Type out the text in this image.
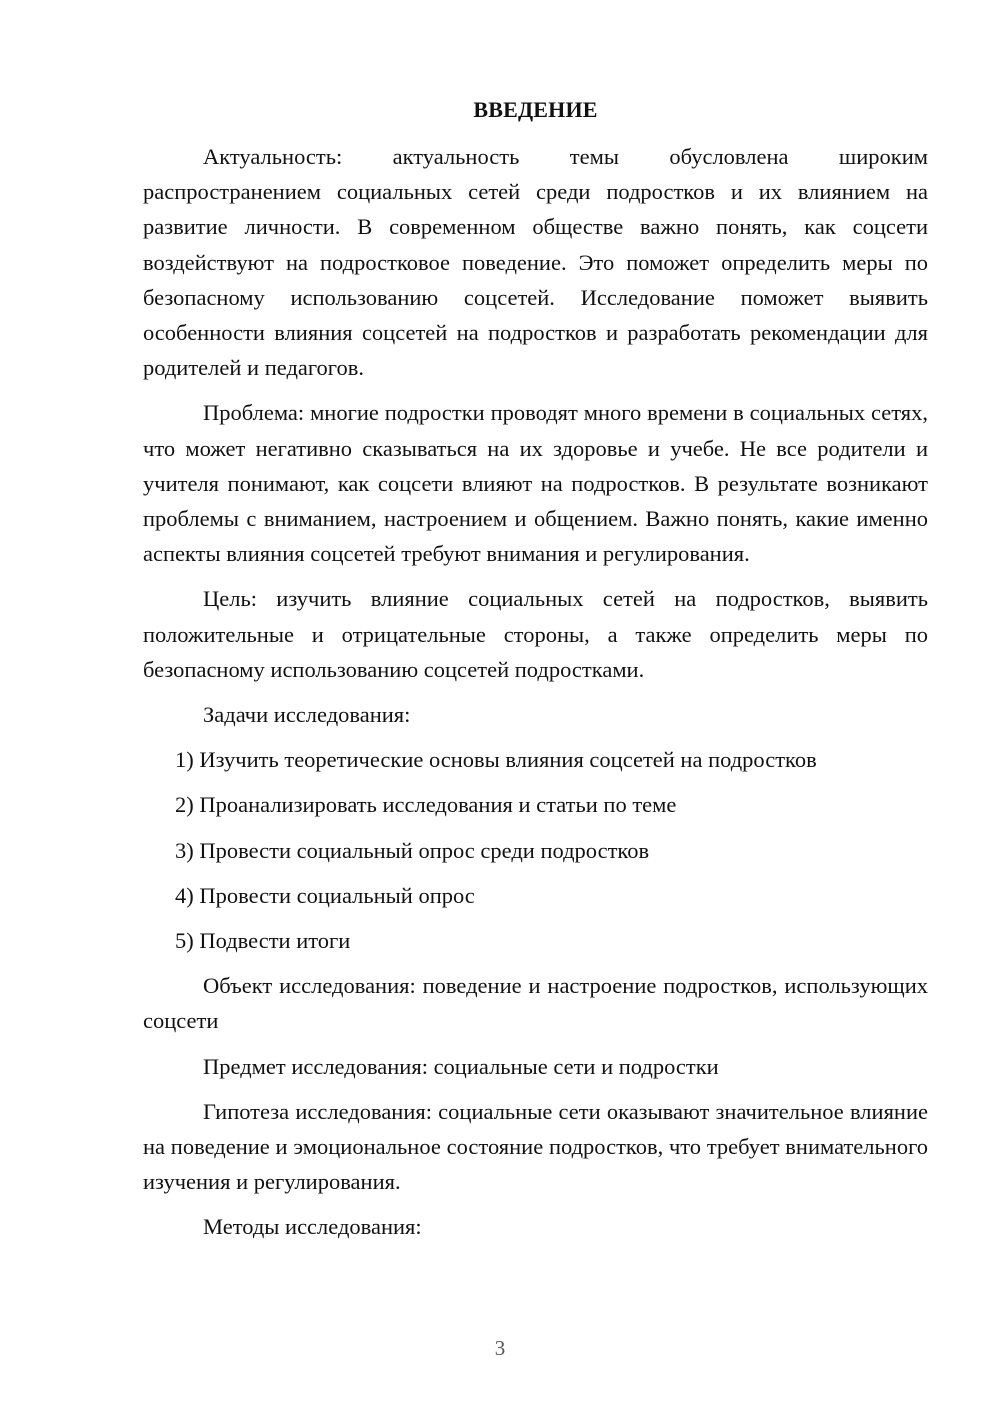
ВВЕДЕНИЕ

Актуальность: актуальность темы обусловлена широким распространением социальных сетей среди подростков и их влиянием на развитие личности. В современном обществе важно понять, как соцсети воздействуют на подростковое поведение. Это поможет определить меры по безопасному использованию соцсетей. Исследование поможет выявить особенности влияния соцсетей на подростков и разработать рекомендации для родителей и педагогов.

Проблема: многие подростки проводят много времени в социальных сетях, что может негативно сказываться на их здоровье и учебе. Не все родители и учителя понимают, как соцсети влияют на подростков. В результате возникают проблемы с вниманием, настроением и общением. Важно понять, какие именно аспекты влияния соцсетей требуют внимания и регулирования.

Цель: изучить влияние социальных сетей на подростков, выявить положительные и отрицательные стороны, а также определить меры по безопасному использованию соцсетей подростками.

Задачи исследования:

1) Изучить теоретические основы влияния соцсетей на подростков

2) Проанализировать исследования и статьи по теме

3) Провести социальный опрос среди подростков

4) Провести социальный опрос

5) Подвести итоги

Объект исследования: поведение и настроение подростков, использующих соцсети

Предмет исследования: социальные сети и подростки

Гипотеза исследования: социальные сети оказывают значительное влияние на поведение и эмоциональное состояние подростков, что требует внимательного изучения и регулирования.

Методы исследования:

3
